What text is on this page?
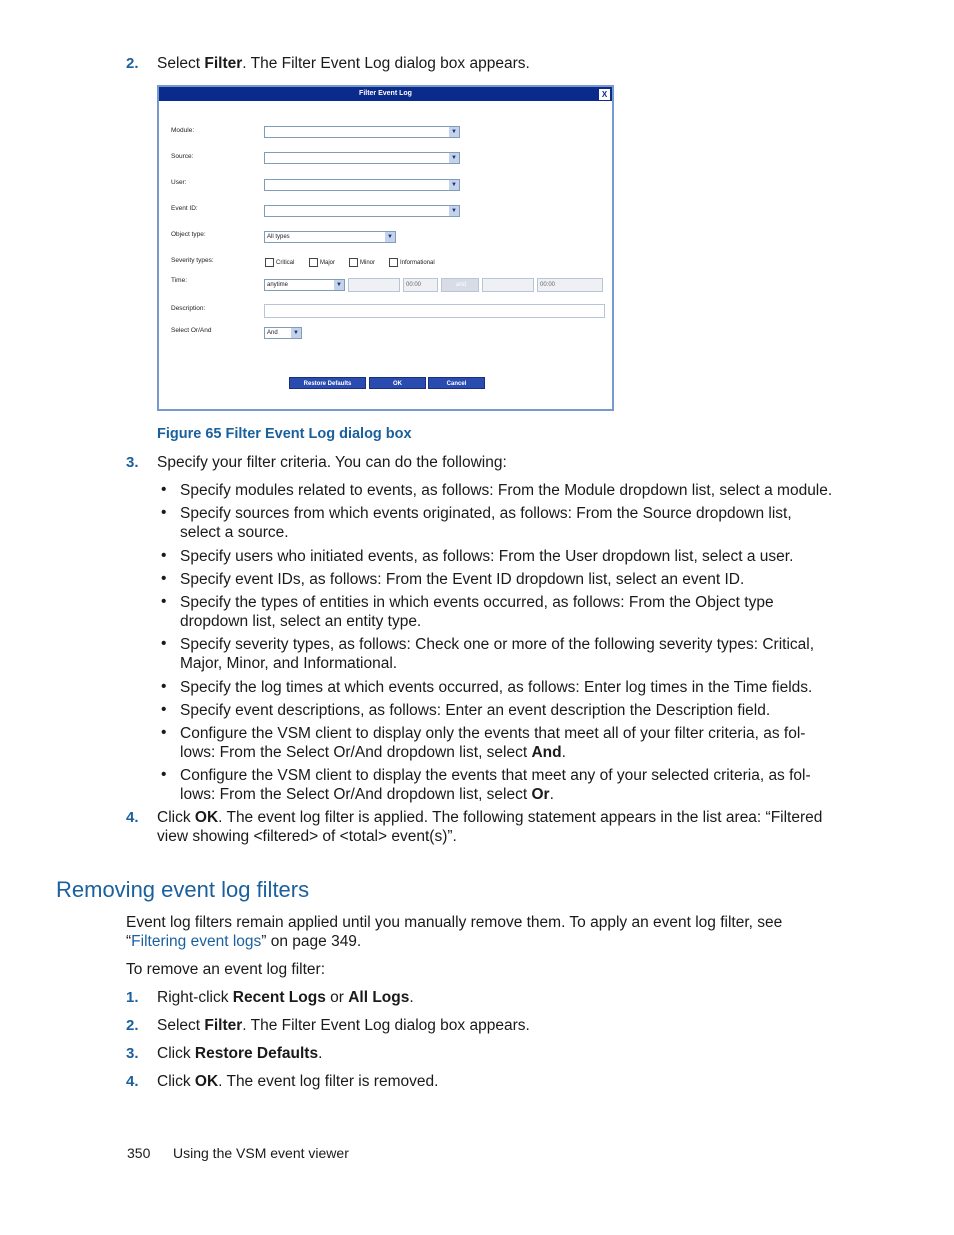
2. Select Filter. The Filter Event Log dialog box appears.
Filter Event Log	X
Module:	▼
Source:	▼
User:	▼
Event ID:	▼
Object type:	All types	▼
Severity types:	Critical	Major	Minor	Informational
Time:
anytime	▼	00:00	and	00:00
Description:
Select Or/And	And	▼
Restore Defaults	OK	Cancel
Figure 65 Filter Event Log dialog box
3. Specify your filter criteria. You can do the following:
• Specify modules related to events, as follows: From the Module dropdown list, select a module.
• Specify sources from which events originated, as follows: From the Source dropdown list,
select a source.
• Specify users who initiated events, as follows: From the User dropdown list, select a user.
• Specify event IDs, as follows: From the Event ID dropdown list, select an event ID.
• Specify the types of entities in which events occurred, as follows: From the Object type
dropdown list, select an entity type.
• Specify severity types, as follows: Check one or more of the following severity types: Critical,
Major, Minor, and Informational.
• Specify the log times at which events occurred, as follows: Enter log times in the Time fields.
• Specify event descriptions, as follows: Enter an event description the Description field.
• Configure the VSM client to display only the events that meet all of your filter criteria, as fol-
lows: From the Select Or/And dropdown list, select And.
• Configure the VSM client to display the events that meet any of your selected criteria, as fol-
lows: From the Select Or/And dropdown list, select Or.
4. Click OK. The event log filter is applied. The following statement appears in the list area: “Filtered
view showing <filtered> of <total> event(s)”.
Removing event log filters
Event log filters remain applied until you manually remove them. To apply an event log filter, see
“Filtering event logs” on page 349.
To remove an event log filter:
1. Right-click Recent Logs or All Logs.
2. Select Filter. The Filter Event Log dialog box appears.
3. Click Restore Defaults.
4. Click OK. The event log filter is removed.
350 Using the VSM event viewer
